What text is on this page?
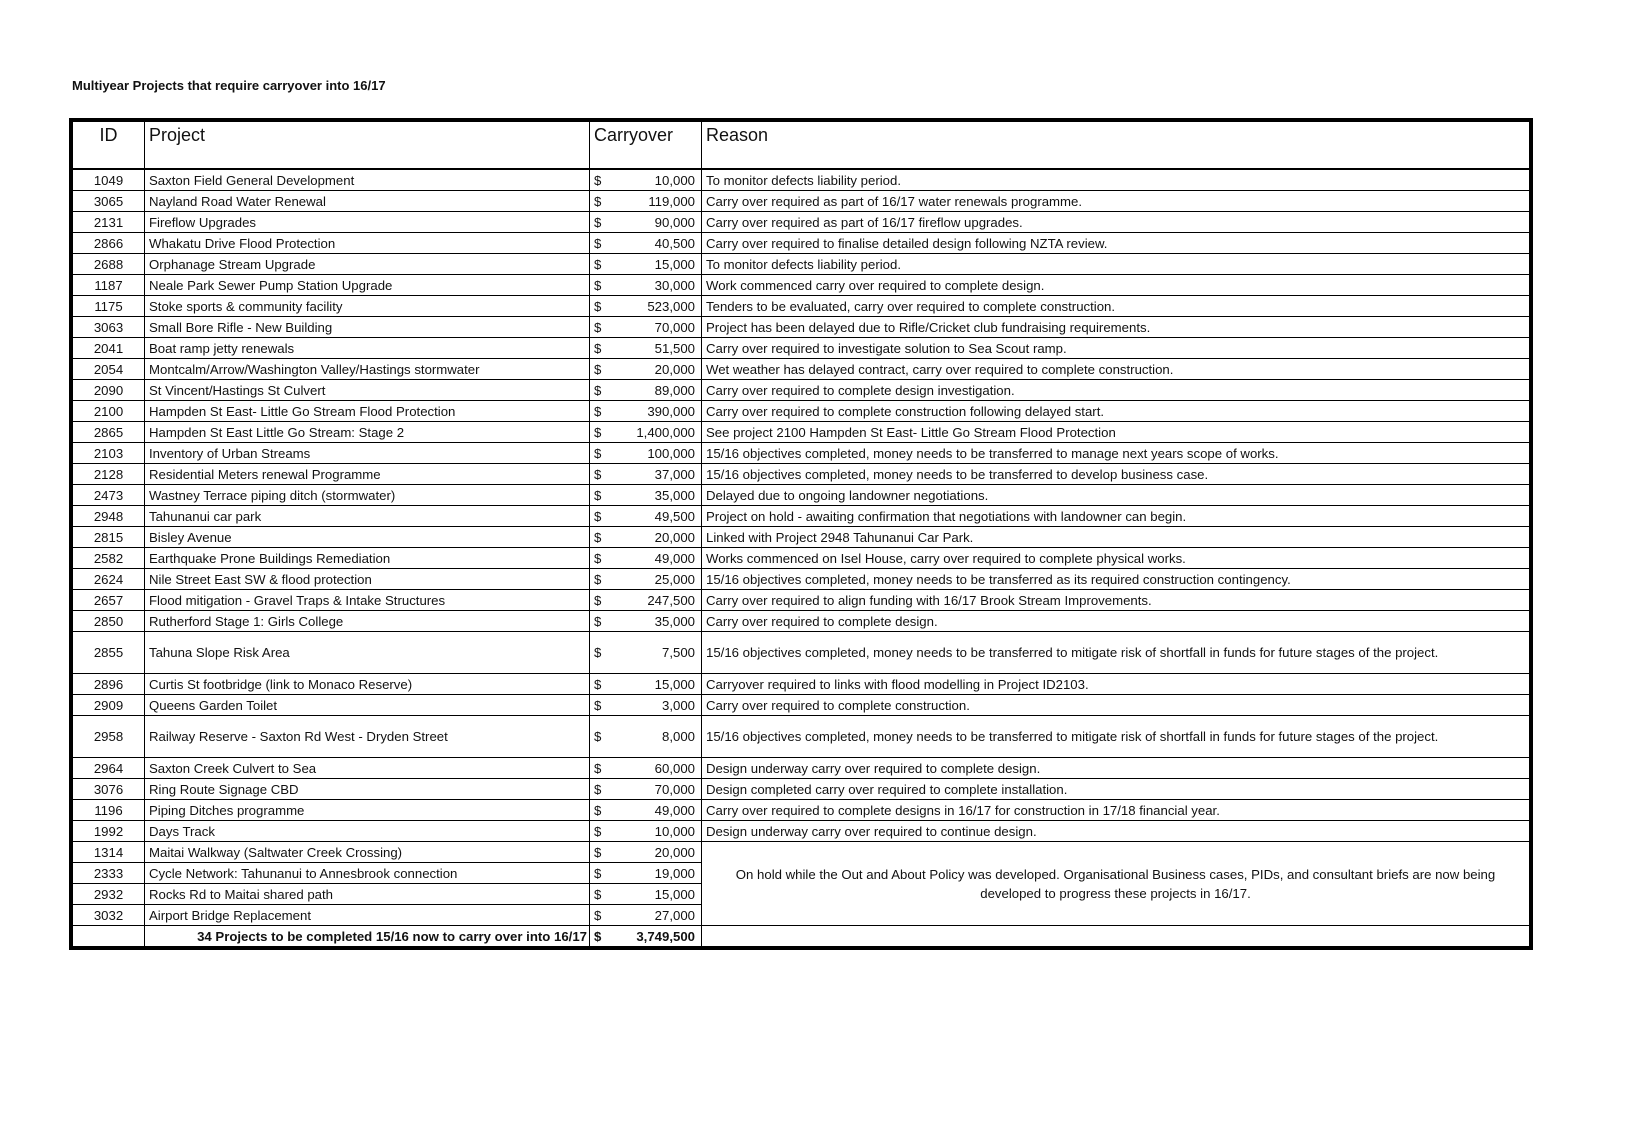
Multiyear Projects that require carryover into 16/17
ID	Project	Carryover		Reason
1049	Saxton Field General Development	$	10,000	To monitor defects liability period.
3065	Nayland Road Water Renewal	$	119,000	Carry over required as part of 16/17 water renewals programme.
2131	Fireflow Upgrades	$	90,000	Carry over required as part of 16/17 fireflow upgrades.
2866	Whakatu Drive Flood Protection	$	40,500	Carry over required to finalise detailed design following NZTA review.
2688	Orphanage Stream Upgrade	$	15,000	To monitor defects liability period.
1187	Neale Park Sewer Pump Station Upgrade	$	30,000	Work commenced carry over required to complete design.
1175	Stoke sports & community facility	$	523,000	Tenders to be evaluated, carry over required to complete construction.
3063	Small Bore Rifle - New Building	$	70,000	Project has been delayed due to Rifle/Cricket club fundraising requirements.
2041	Boat ramp jetty renewals	$	51,500	Carry over required to investigate solution to Sea Scout ramp.
2054	Montcalm/Arrow/Washington Valley/Hastings stormwater	$	20,000	Wet weather has delayed contract, carry over required to complete construction.
2090	St Vincent/Hastings St Culvert	$	89,000	Carry over required to complete design investigation.
2100	Hampden St East- Little Go Stream Flood Protection	$	390,000	Carry over required to complete construction following delayed start.
2865	Hampden St East Little Go Stream: Stage 2	$	1,400,000	See project 2100 Hampden St East- Little Go Stream Flood Protection
2103	Inventory of Urban Streams	$	100,000	15/16 objectives completed, money needs to be transferred to manage next years scope of works.
2128	Residential Meters renewal Programme	$	37,000	15/16 objectives completed, money needs to be transferred to develop business case.
2473	Wastney Terrace piping ditch (stormwater)	$	35,000	Delayed due to ongoing landowner negotiations.
2948	Tahunanui car park	$	49,500	Project on hold - awaiting confirmation that negotiations with landowner can begin.
2815	Bisley Avenue	$	20,000	Linked with Project 2948 Tahunanui Car Park.
2582	Earthquake Prone Buildings Remediation	$	49,000	Works commenced on Isel House, carry over required to complete physical works.
2624	Nile Street East SW & flood protection	$	25,000	15/16 objectives completed, money needs to be transferred as its required construction contingency.
2657	Flood mitigation - Gravel Traps & Intake Structures	$	247,500	Carry over required to align funding with 16/17 Brook Stream Improvements.
2850	Rutherford Stage 1: Girls College	$	35,000	Carry over required to complete design.
2855	Tahuna Slope Risk Area	$	7,500	15/16 objectives completed, money needs to be transferred to mitigate risk of shortfall in funds for future stages of the project.
2896	Curtis St footbridge (link to Monaco Reserve)	$	15,000	Carryover required to links with flood modelling in Project ID2103.
2909	Queens Garden Toilet	$	3,000	Carry over required to complete construction.
2958	Railway Reserve - Saxton Rd West - Dryden Street	$	8,000	15/16 objectives completed, money needs to be transferred to mitigate risk of shortfall in funds for future stages of the project.
2964	Saxton Creek Culvert to Sea	$	60,000	Design underway carry over required to complete design.
3076	Ring Route Signage CBD	$	70,000	Design completed carry over required to complete installation.
1196	Piping Ditches programme	$	49,000	Carry over required to complete designs in 16/17 for construction in 17/18 financial year.
1992	Days Track	$	10,000	Design underway carry over required to continue design.
1314	Maitai Walkway (Saltwater Creek Crossing)	$	20,000	On hold while the Out and About Policy was developed. Organisational Business cases, PIDs, and consultant briefs are now being developed to progress these projects in 16/17.
2333	Cycle Network: Tahunanui to Annesbrook connection	$	19,000	
2932	Rocks Rd to Maitai shared path	$	15,000	
3032	Airport Bridge Replacement	$	27,000	
	34 Projects to be completed 15/16 now to carry over into 16/17	$	3,749,500	
